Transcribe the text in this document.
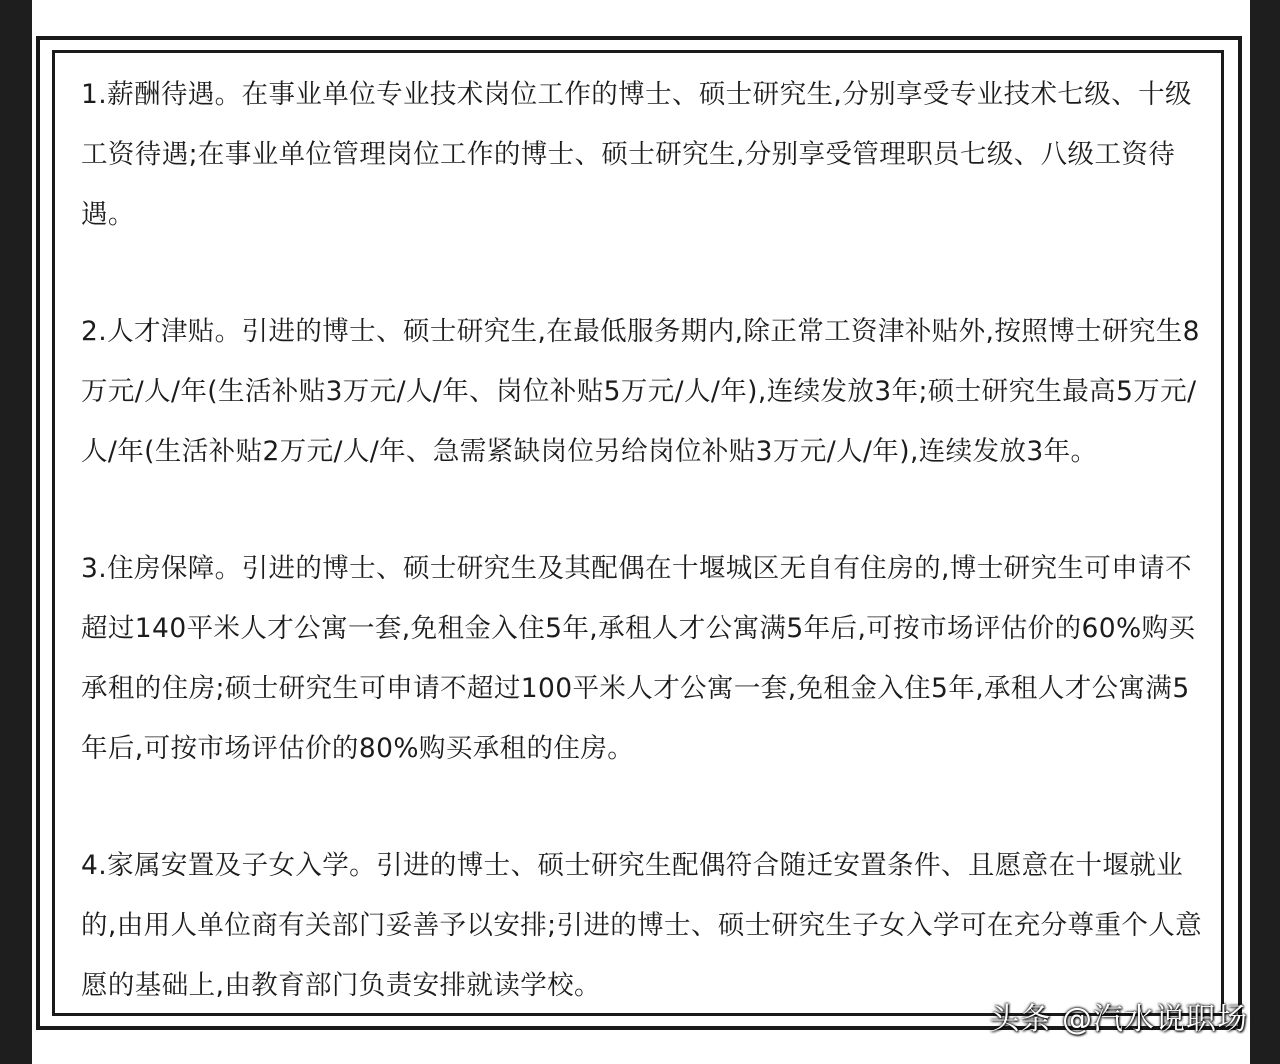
1.薪酬待遇。在事业单位专业技术岗位工作的博士、硕士研究生,分别享受专业技术七级、十级工资待遇;在事业单位管理岗位工作的博士、硕士研究生,分别享受管理职员七级、八级工资待遇。

2.人才津贴。引进的博士、硕士研究生,在最低服务期内,除正常工资津补贴外,按照博士研究生8万元/人/年(生活补贴3万元/人/年、岗位补贴5万元/人/年),连续发放3年;硕士研究生最高5万元/人/年(生活补贴2万元/人/年、急需紧缺岗位另给岗位补贴3万元/人/年),连续发放3年。

3.住房保障。引进的博士、硕士研究生及其配偶在十堰城区无自有住房的,博士研究生可申请不超过140平米人才公寓一套,免租金入住5年,承租人才公寓满5年后,可按市场评估价的60%购买承租的住房;硕士研究生可申请不超过100平米人才公寓一套,免租金入住5年,承租人才公寓满5年后,可按市场评估价的80%购买承租的住房。

4.家属安置及子女入学。引进的博士、硕士研究生配偶符合随迁安置条件、且愿意在十堰就业的,由用人单位商有关部门妥善予以安排;引进的博士、硕士研究生子女入学可在充分尊重个人意愿的基础上,由教育部门负责安排就读学校。

头条 @汽水说职场
